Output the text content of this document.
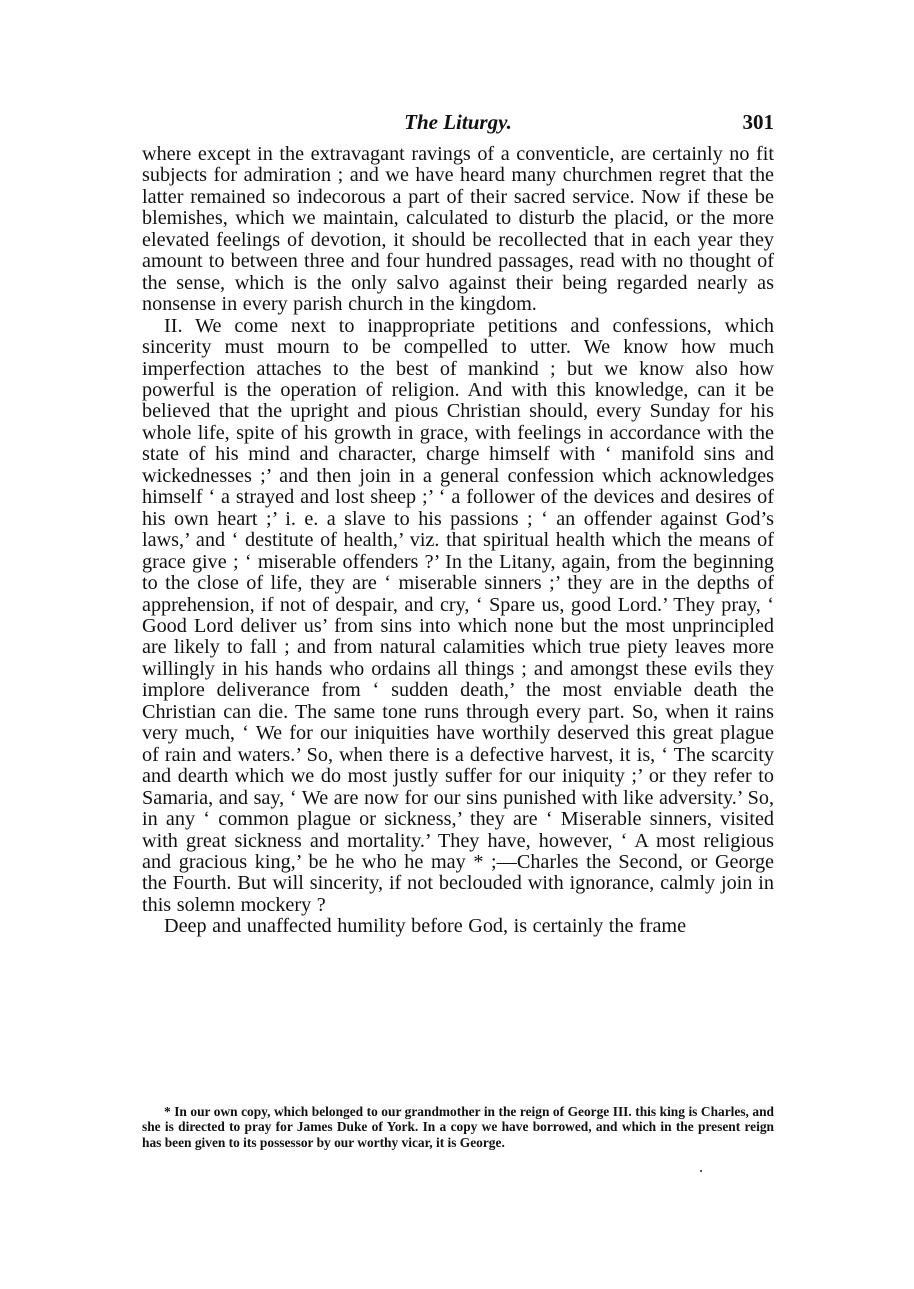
The Liturgy.	301

where except in the extravagant ravings of a conventicle, are certainly no fit subjects for admiration ; and we have heard many churchmen regret that the latter remained so indecorous a part of their sacred service. Now if these be blemishes, which we maintain, calculated to disturb the placid, or the more elevated feelings of devotion, it should be recollected that in each year they amount to between three and four hundred passages, read with no thought of the sense, which is the only salvo against their being regarded nearly as nonsense in every parish church in the kingdom.

II. We come next to inappropriate petitions and confessions, which sincerity must mourn to be compelled to utter. We know how much imperfection attaches to the best of mankind ; but we know also how powerful is the operation of religion. And with this knowledge, can it be believed that the upright and pious Christian should, every Sunday for his whole life, spite of his growth in grace, with feelings in accordance with the state of his mind and character, charge himself with ‘ manifold sins and wickednesses ;’ and then join in a general confession which acknowledges himself ‘ a strayed and lost sheep ;’ ‘ a follower of the devices and desires of his own heart ;’ i. e. a slave to his passions ; ‘ an offender against God’s laws,’ and ‘ destitute of health,’ viz. that spiritual health which the means of grace give ; ‘ miserable offenders ?’ In the Litany, again, from the beginning to the close of life, they are ‘ miserable sinners ;’ they are in the depths of apprehension, if not of despair, and cry, ‘ Spare us, good Lord.’ They pray, ‘ Good Lord deliver us’ from sins into which none but the most unprincipled are likely to fall ; and from natural calamities which true piety leaves more willingly in his hands who ordains all things ; and amongst these evils they implore deliverance from ‘ sudden death,’ the most enviable death the Christian can die. The same tone runs through every part. So, when it rains very much, ‘ We for our iniquities have worthily deserved this great plague of rain and waters.’ So, when there is a defective harvest, it is, ‘ The scarcity and dearth which we do most justly suffer for our iniquity ;’ or they refer to Samaria, and say, ‘ We are now for our sins punished with like adversity.’ So, in any ‘ common plague or sickness,’ they are ‘ Miserable sinners, visited with great sickness and mortality.’ They have, however, ‘ A most religious and gracious king,’ be he who he may * ;—Charles the Second, or George the Fourth. But will sincerity, if not beclouded with ignorance, calmly join in this solemn mockery ?

Deep and unaffected humility before God, is certainly the frame

* In our own copy, which belonged to our grandmother in the reign of George III. this king is Charles, and she is directed to pray for James Duke of York. In a copy we have borrowed, and which in the present reign has been given to its possessor by our worthy vicar, it is George.
